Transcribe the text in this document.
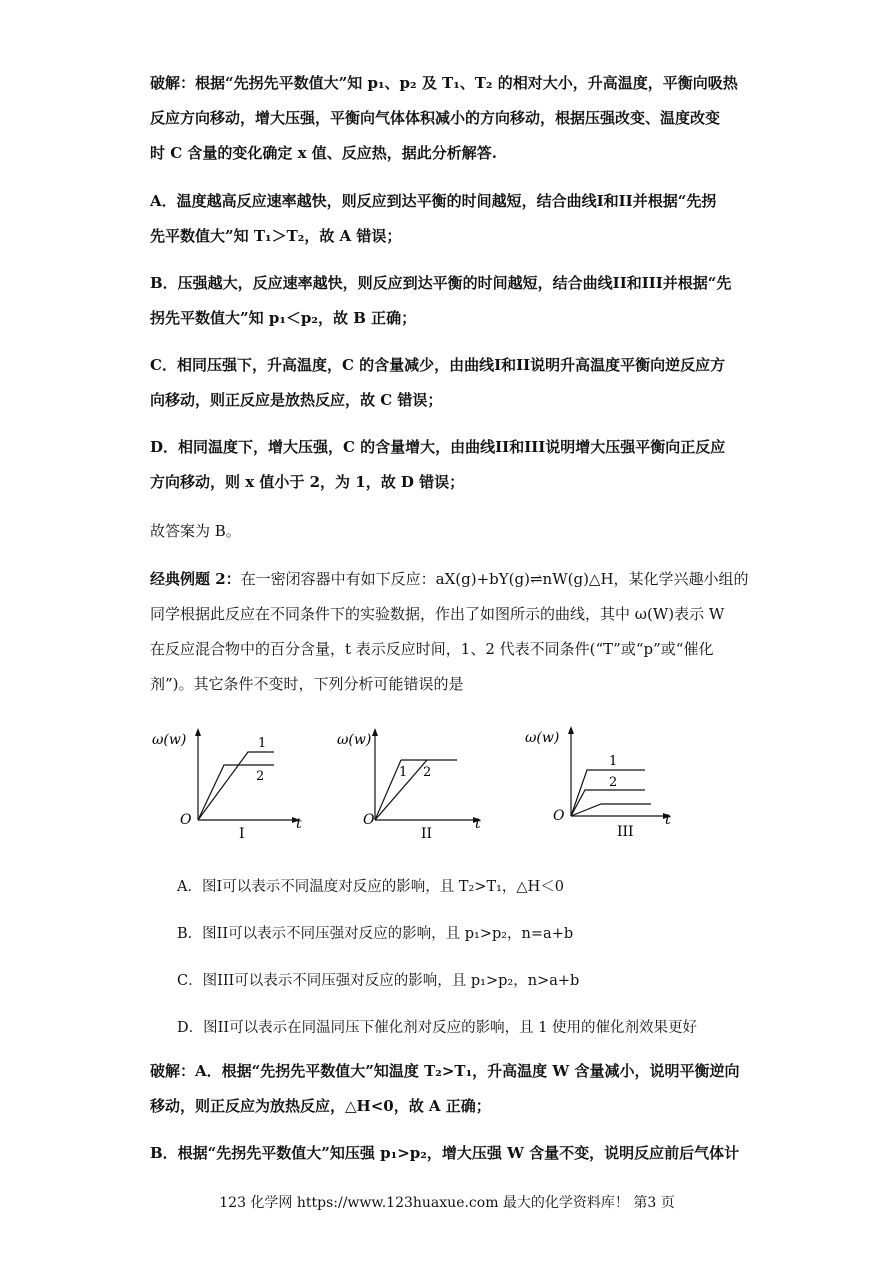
破解：根据“先拐先平数值大”知 p₁、p₂ 及 T₁、T₂ 的相对大小，升高温度，平衡向吸热
反应方向移动，增大压强，平衡向气体体积减小的方向移动，根据压强改变、温度改变
时 C 含量的变化确定 x 值、反应热，据此分析解答.
A．温度越高反应速率越快，则反应到达平衡的时间越短，结合曲线I和II并根据“先拐
先平数值大”知 T₁＞T₂，故 A 错误；
B．压强越大，反应速率越快，则反应到达平衡的时间越短，结合曲线II和III并根据“先
拐先平数值大”知 p₁＜p₂，故 B 正确；
C．相同压强下，升高温度，C 的含量减少，由曲线I和II说明升高温度平衡向逆反应方
向移动，则正反应是放热反应，故 C 错误；
D．相同温度下，增大压强，C 的含量增大，由曲线II和III说明增大压强平衡向正反应
方向移动，则 x 值小于 2，为 1，故 D 错误；
故答案为 B。
经典例题 2：在一密闭容器中有如下反应：aX(g)+bY(g)⇌nW(g)△H，某化学兴趣小组的
同学根据此反应在不同条件下的实验数据，作出了如图所示的曲线，其中 ω(W)表示 W
在反应混合物中的百分含量，t 表示反应时间，1、2 代表不同条件(“T”或“p”或“催化
剂”)。其它条件不变时，下列分析可能错误的是
ω(w)
O	t
1
2
I
ω(w)
O	t
1 2
II
ω(w)
O	t
1
2
III
A．图I可以表示不同温度对反应的影响，且 T₂>T₁，△H＜0
B．图II可以表示不同压强对反应的影响，且 p₁>p₂，n=a+b
C．图III可以表示不同压强对反应的影响，且 p₁>p₂，n>a+b
D．图II可以表示在同温同压下催化剂对反应的影响，且 1 使用的催化剂效果更好
破解：A．根据“先拐先平数值大”知温度 T₂>T₁，升高温度 W 含量减小，说明平衡逆向
移动，则正反应为放热反应，△H<0，故 A 正确；
B．根据“先拐先平数值大”知压强 p₁>p₂，增大压强 W 含量不变，说明反应前后气体计
123 化学网 https://www.123huaxue.com 最大的化学资料库！ 第3 页
